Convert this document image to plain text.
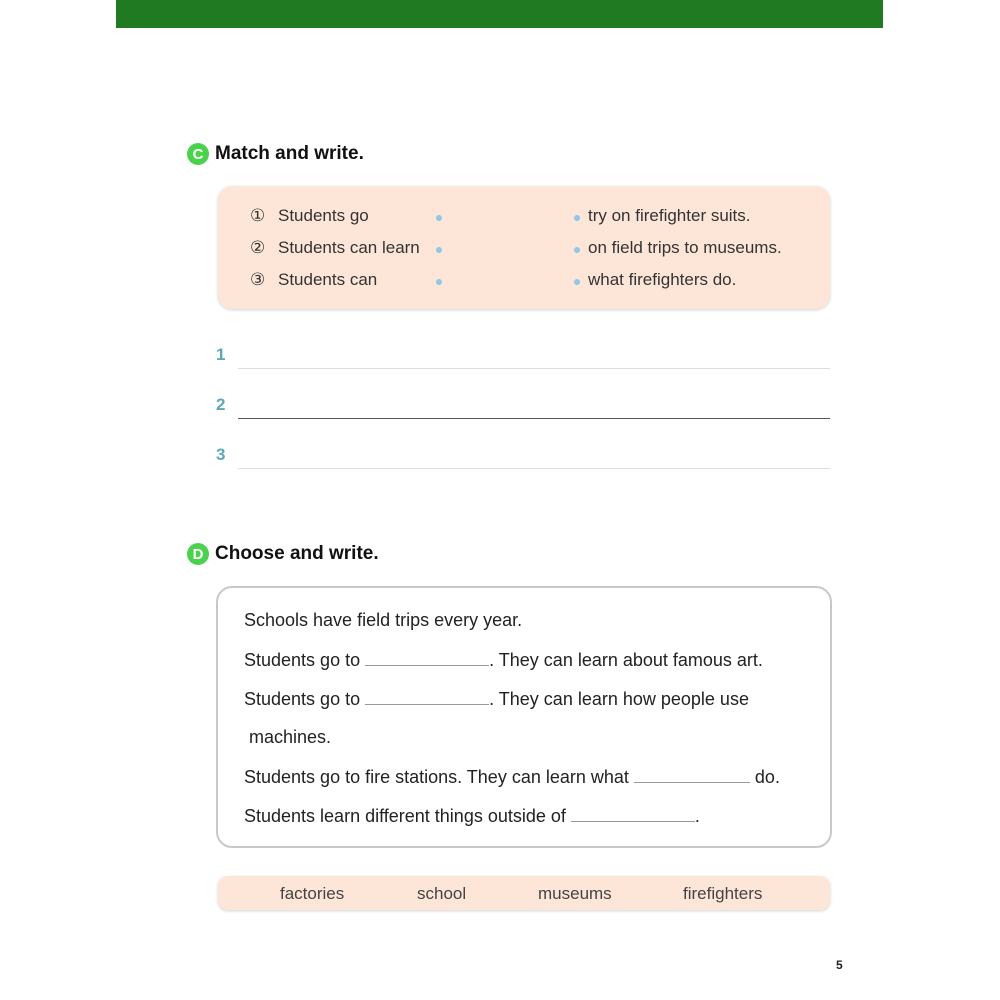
C Match and write.
① Students go	try on firefighter suits.
② Students can learn	on field trips to museums.
③ Students can	what firefighters do.
1
2
3
D Choose and write.
Schools have field trips every year.
Students go to	. They can learn about famous art.
Students go to	. They can learn how people use
machines.
Students go to fire stations. They can learn what	do.
Students learn different things outside of	.
factories	school	museums	firefighters
5
